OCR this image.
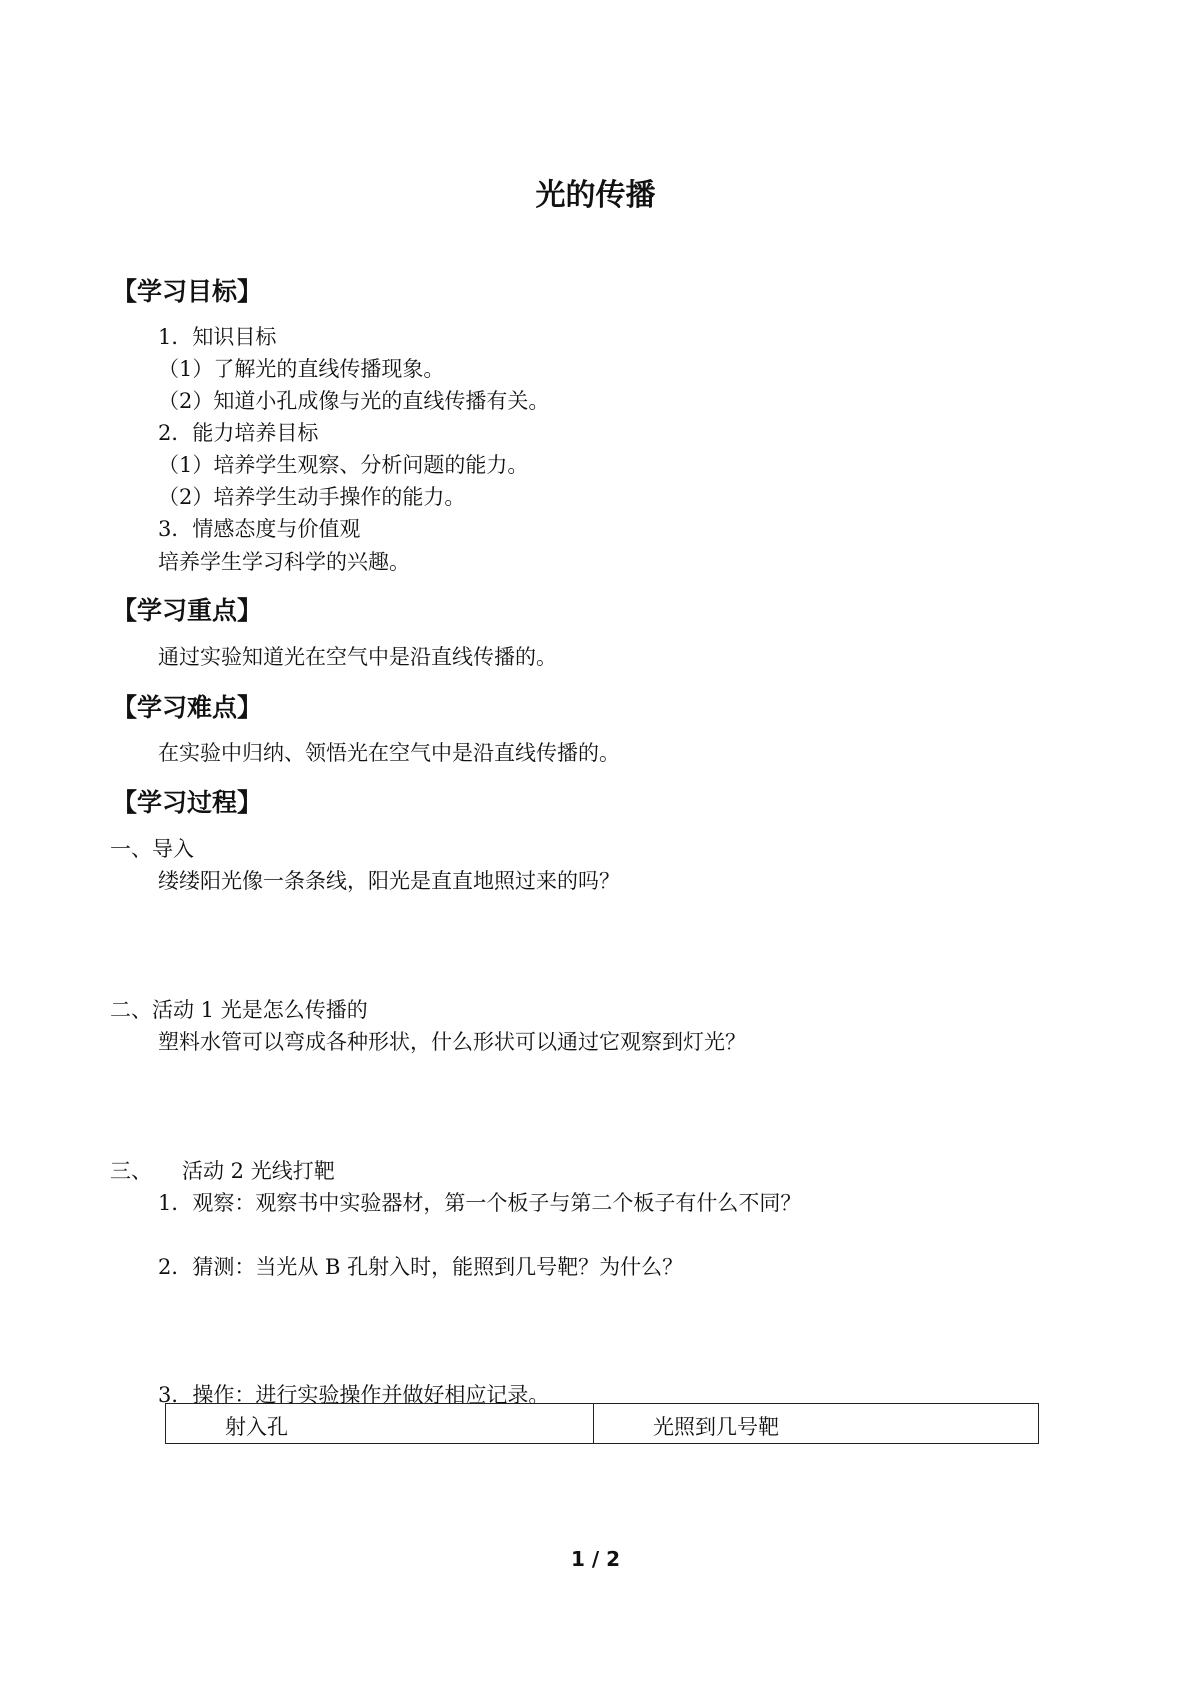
光的传播
【学习目标】
1．知识目标
（1）了解光的直线传播现象。
（2）知道小孔成像与光的直线传播有关。
2．能力培养目标
（1）培养学生观察、分析问题的能力。
（2）培养学生动手操作的能力。
3．情感态度与价值观
培养学生学习科学的兴趣。
【学习重点】
通过实验知道光在空气中是沿直线传播的。
【学习难点】
在实验中归纳、领悟光在空气中是沿直线传播的。
【学习过程】
一、导入
缕缕阳光像一条条线，阳光是直直地照过来的吗？
二、活动 1 光是怎么传播的
塑料水管可以弯成各种形状，什么形状可以通过它观察到灯光？
三、 活动 2 光线打靶
1．观察：观察书中实验器材，第一个板子与第二个板子有什么不同？
2．猜测：当光从 B 孔射入时，能照到几号靶？为什么？
3．操作：进行实验操作并做好相应记录。
射入孔	光照到几号靶
1 / 2
